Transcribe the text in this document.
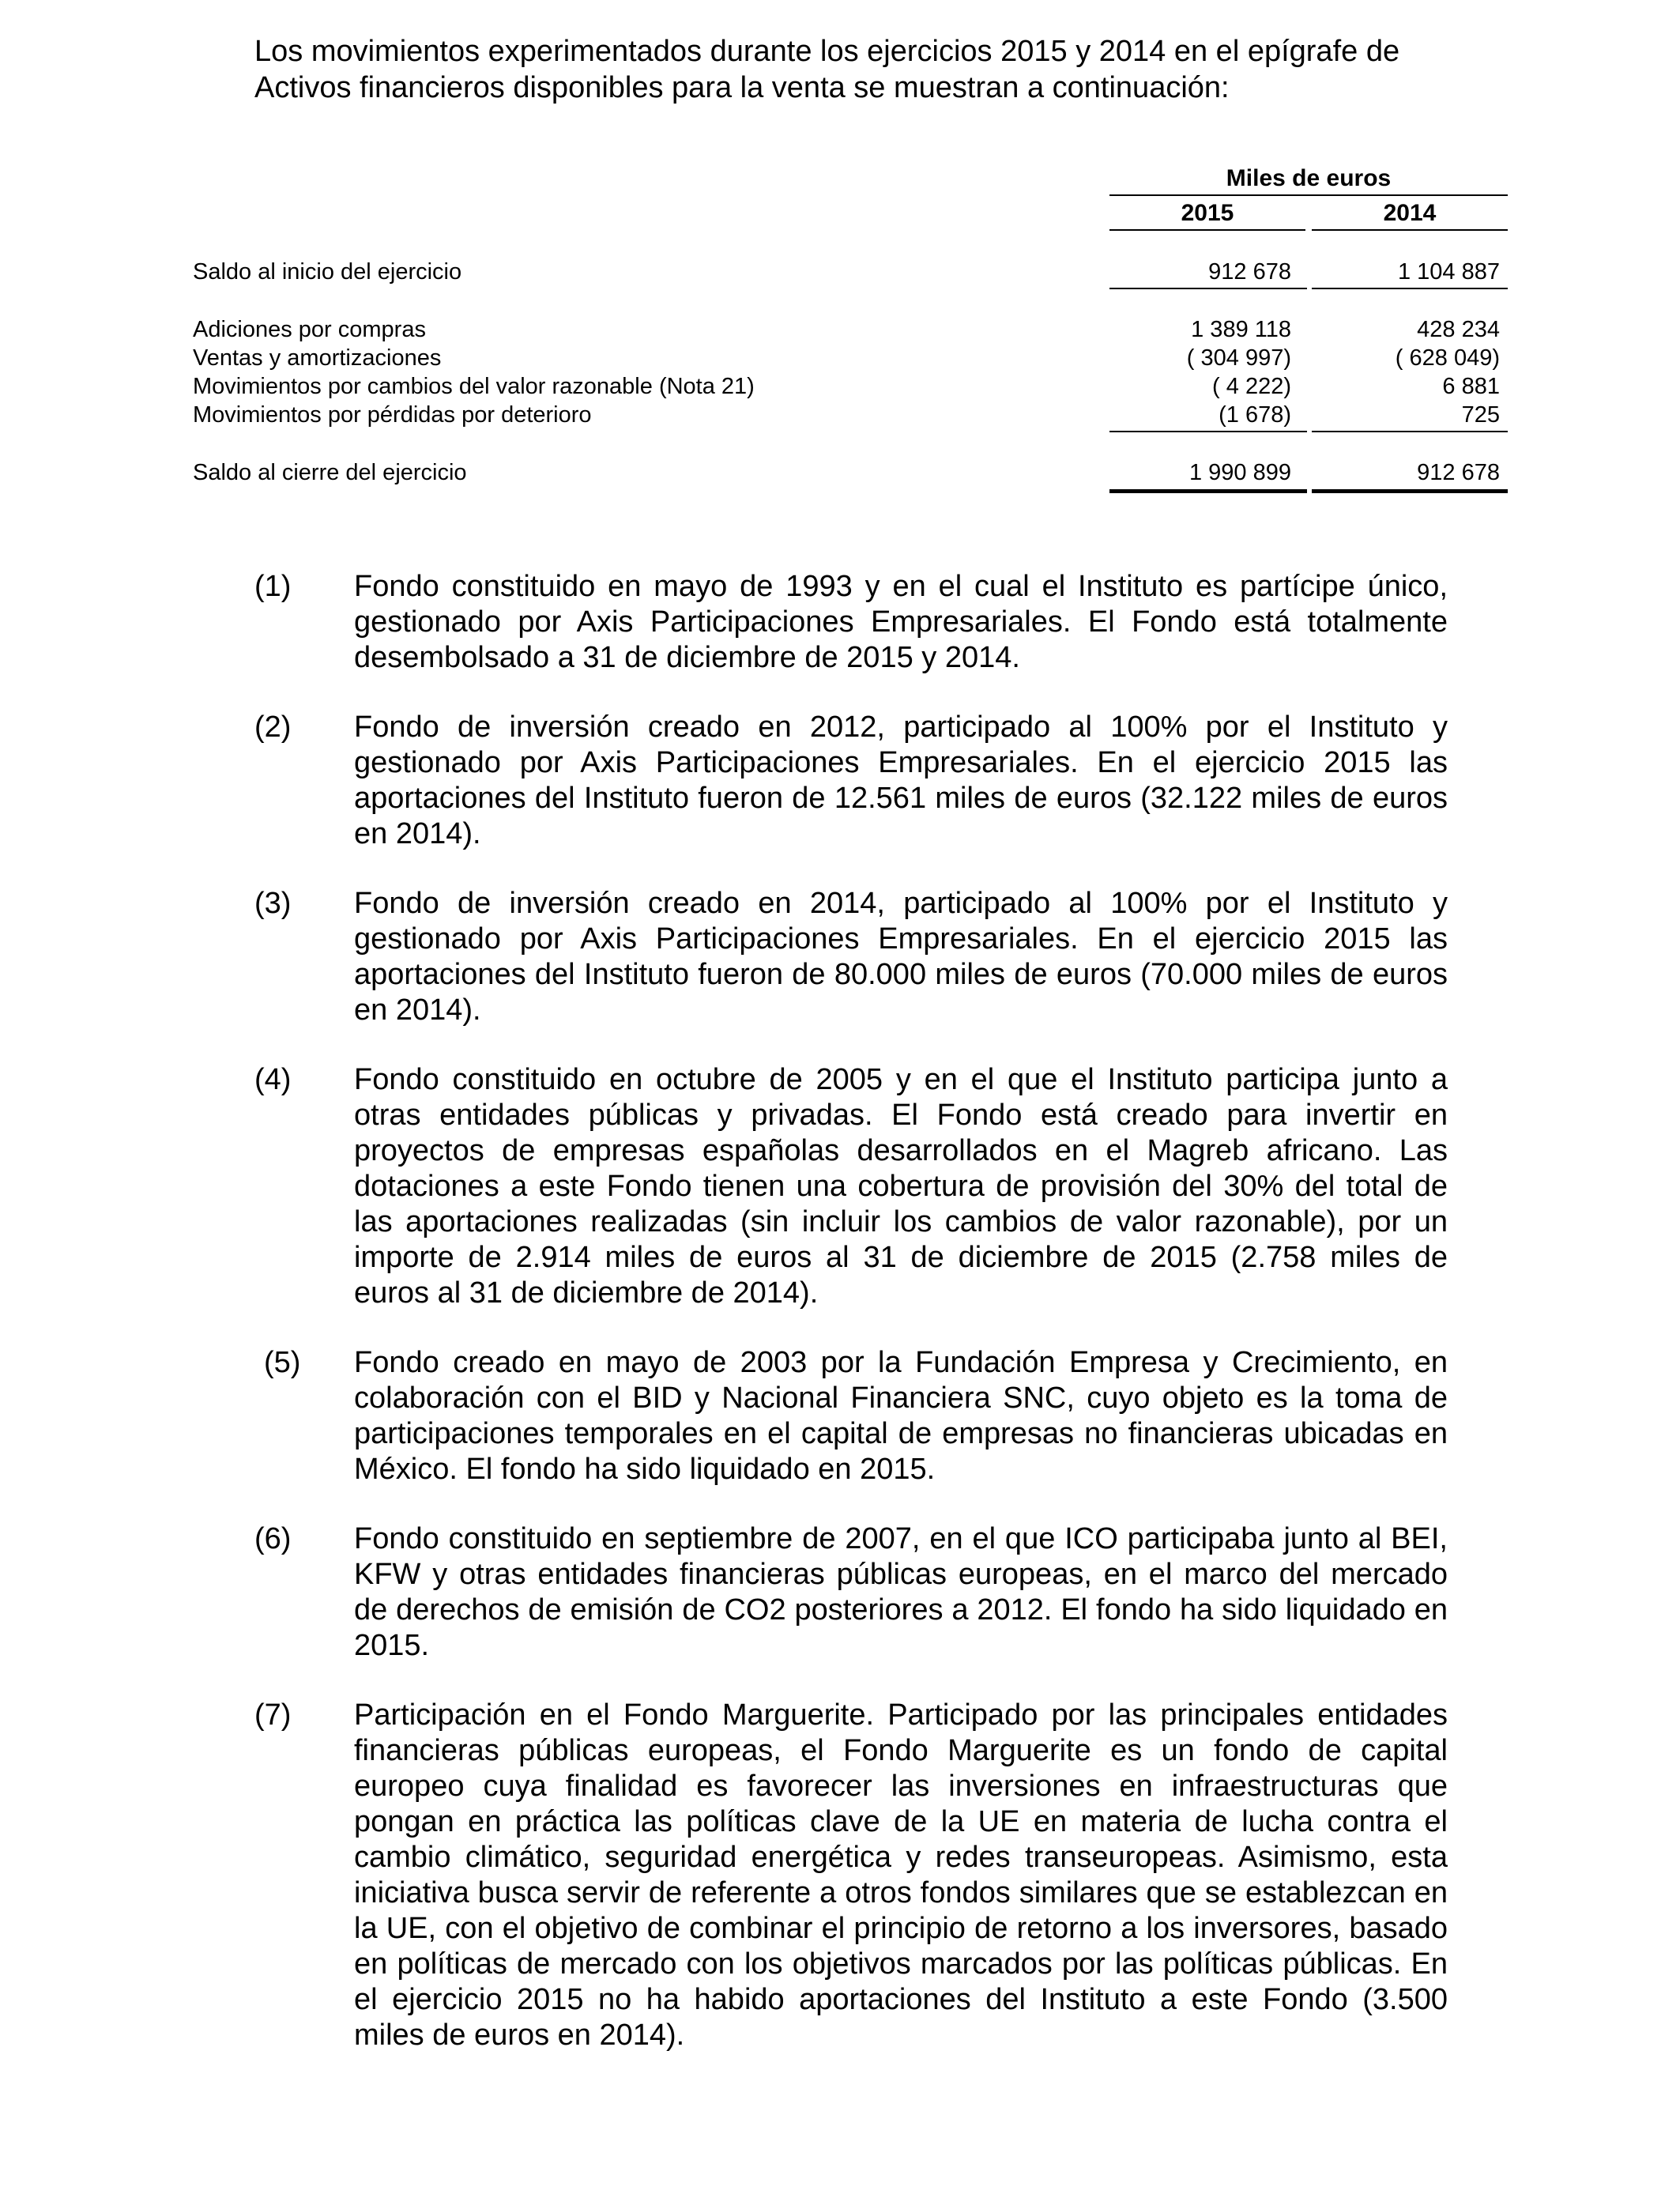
Los movimientos experimentados durante los ejercicios 2015 y 2014 en el epígrafe de Activos financieros disponibles para la venta se muestran a continuación:

Miles de euros
2015	2014
Saldo al inicio del ejercicio	912 678	1 104 887
Adiciones por compras	1 389 118	428 234
Ventas y amortizaciones	( 304 997)	( 628 049)
Movimientos por cambios del valor razonable (Nota 21)	( 4 222)	6 881
Movimientos por pérdidas por deterioro	(1 678)	725
Saldo al cierre del ejercicio	1 990 899	912 678
(1)	Fondo constituido en mayo de 1993 y en el cual el Instituto es partícipe único, gestionado por Axis Participaciones Empresariales. El Fondo está totalmente desembolsado a 31 de diciembre de 2015 y 2014.
(2)	Fondo de inversión creado en 2012, participado al 100% por el Instituto y gestionado por Axis Participaciones Empresariales. En el ejercicio 2015 las aportaciones del Instituto fueron de 12.561 miles de euros (32.122 miles de euros en 2014).
(3)	Fondo de inversión creado en 2014, participado al 100% por el Instituto y gestionado por Axis Participaciones Empresariales. En el ejercicio 2015 las aportaciones del Instituto fueron de 80.000 miles de euros (70.000 miles de euros en 2014).
(4)	Fondo constituido en octubre de 2005 y en el que el Instituto participa junto a otras entidades públicas y privadas. El Fondo está creado para invertir en proyectos de empresas españolas desarrollados en el Magreb africano. Las dotaciones a este Fondo tienen una cobertura de provisión del 30% del total de las aportaciones realizadas (sin incluir los cambios de valor razonable), por un importe de 2.914 miles de euros al 31 de diciembre de 2015 (2.758 miles de euros al 31 de diciembre de 2014).
(5)	Fondo creado en mayo de 2003 por la Fundación Empresa y Crecimiento, en colaboración con el BID y Nacional Financiera SNC, cuyo objeto es la toma de participaciones temporales en el capital de empresas no financieras ubicadas en México. El fondo ha sido liquidado en 2015.
(6)	Fondo constituido en septiembre de 2007, en el que ICO participaba junto al BEI, KFW y otras entidades financieras públicas europeas, en el marco del mercado de derechos de emisión de CO2 posteriores a 2012. El fondo ha sido liquidado en 2015.
(7)	Participación en el Fondo Marguerite. Participado por las principales entidades financieras públicas europeas, el Fondo Marguerite es un fondo de capital europeo cuya finalidad es favorecer las inversiones en infraestructuras que pongan en práctica las políticas clave de la UE en materia de lucha contra el cambio climático, seguridad energética y redes transeuropeas. Asimismo, esta iniciativa busca servir de referente a otros fondos similares que se establezcan en la UE, con el objetivo de combinar el principio de retorno a los inversores, basado en políticas de mercado con los objetivos marcados por las políticas públicas. En el ejercicio 2015 no ha habido aportaciones del Instituto a este Fondo (3.500 miles de euros en 2014).
